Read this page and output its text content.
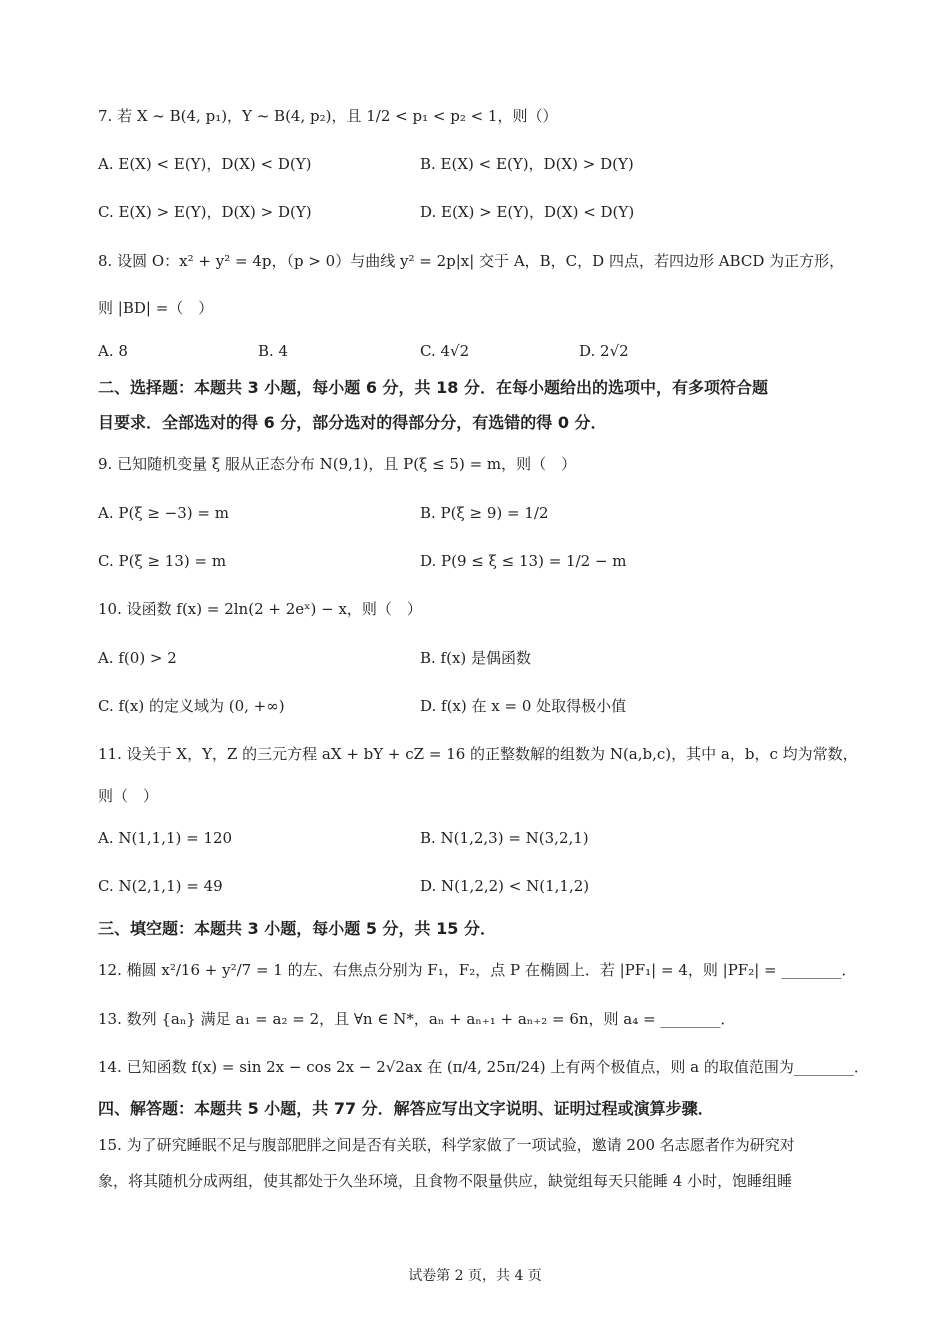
7. 若 X ~ B(4, p₁)，Y ~ B(4, p₂)，且 1/2 < p₁ < p₂ < 1，则（）
A. E(X) < E(Y)，D(X) < D(Y)	B. E(X) < E(Y)，D(X) > D(Y)
C. E(X) > E(Y)，D(X) > D(Y)	D. E(X) > E(Y)，D(X) < D(Y)
8. 设圆 O：x² + y² = 4p，（p > 0）与曲线 y² = 2p|x| 交于 A，B，C，D 四点，若四边形 ABCD 为正方形，
则 |BD| =（　）
A. 8	B. 4	C. 4√2	D. 2√2
二、选择题：本题共 3 小题，每小题 6 分，共 18 分．在每小题给出的选项中，有多项符合题
目要求．全部选对的得 6 分，部分选对的得部分分，有选错的得 0 分．
9. 已知随机变量 ξ 服从正态分布 N(9,1)，且 P(ξ ≤ 5) = m，则（　）
A. P(ξ ≥ −3) = m	B. P(ξ ≥ 9) = 1/2
C. P(ξ ≥ 13) = m	D. P(9 ≤ ξ ≤ 13) = 1/2 − m
10. 设函数 f(x) = 2ln(2 + 2eˣ) − x，则（　）
A. f(0) > 2	B. f(x) 是偶函数
C. f(x) 的定义域为 (0, +∞)	D. f(x) 在 x = 0 处取得极小值
11. 设关于 X，Y，Z 的三元方程 aX + bY + cZ = 16 的正整数解的组数为 N(a,b,c)，其中 a，b，c 均为常数，
则（　）
A. N(1,1,1) = 120	B. N(1,2,3) = N(3,2,1)
C. N(2,1,1) = 49	D. N(1,2,2) < N(1,1,2)
三、填空题：本题共 3 小题，每小题 5 分，共 15 分．
12. 椭圆 x²/16 + y²/7 = 1 的左、右焦点分别为 F₁，F₂，点 P 在椭圆上．若 |PF₁| = 4，则 |PF₂| = ________．
13. 数列 {aₙ} 满足 a₁ = a₂ = 2，且 ∀n ∈ N*，aₙ + aₙ₊₁ + aₙ₊₂ = 6n，则 a₄ = ________．
14. 已知函数 f(x) = sin 2x − cos 2x − 2√2ax 在 (π/4, 25π/24) 上有两个极值点，则 a 的取值范围为________．
四、解答题：本题共 5 小题，共 77 分．解答应写出文字说明、证明过程或演算步骤．
15. 为了研究睡眠不足与腹部肥胖之间是否有关联，科学家做了一项试验，邀请 200 名志愿者作为研究对
象，将其随机分成两组，使其都处于久坐环境，且食物不限量供应，缺觉组每天只能睡 4 小时，饱睡组睡
试卷第 2 页，共 4 页
